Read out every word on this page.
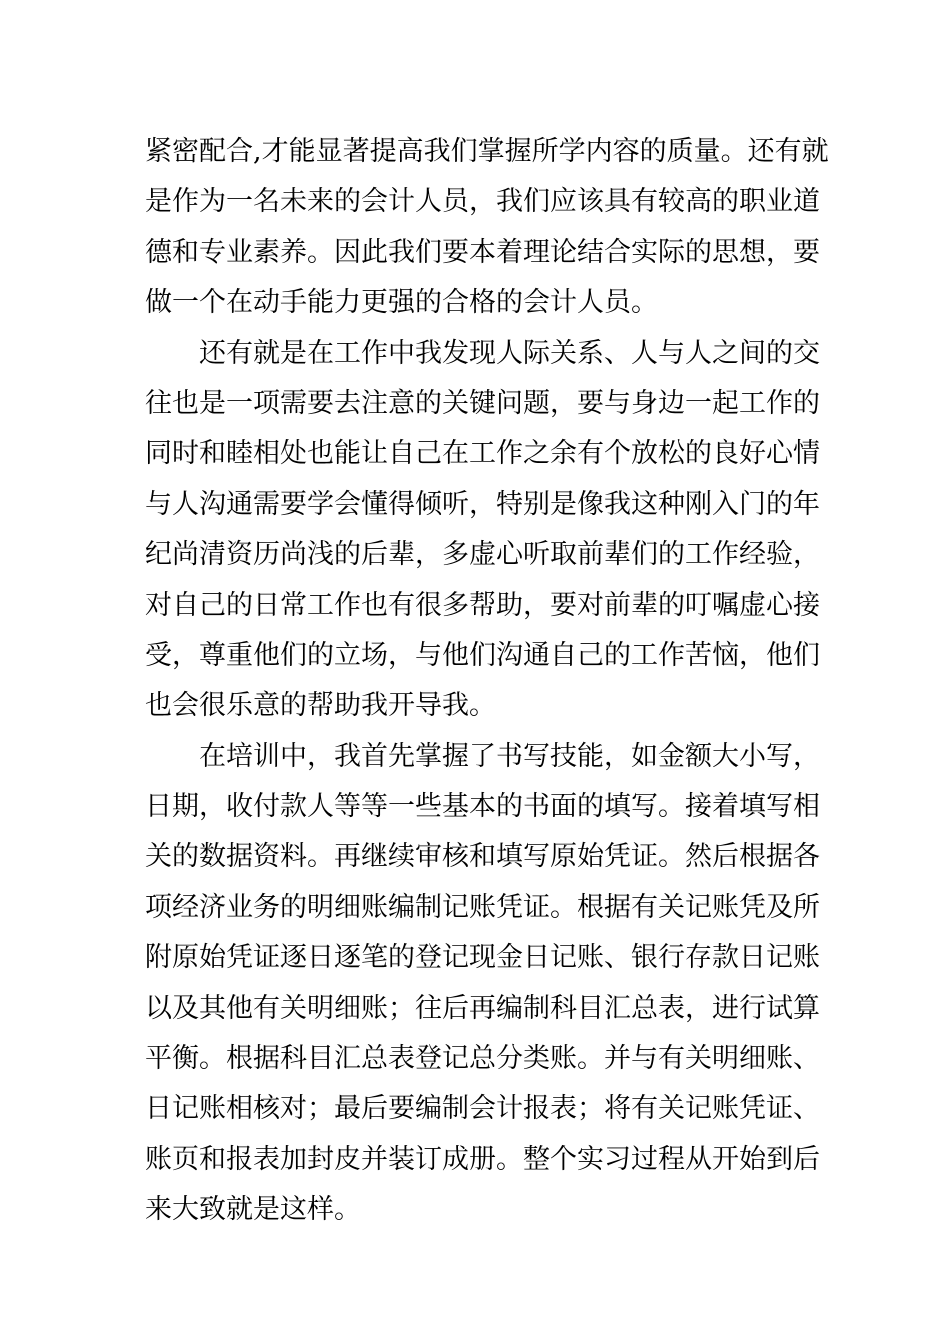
紧密配合,才能显著提高我们掌握所学内容的质量。还有就
是作为一名未来的会计人员，我们应该具有较高的职业道
德和专业素养。因此我们要本着理论结合实际的思想，要
做一个在动手能力更强的合格的会计人员。
还有就是在工作中我发现人际关系、人与人之间的交
往也是一项需要去注意的关键问题，要与身边一起工作的
同时和睦相处也能让自己在工作之余有个放松的良好心情
与人沟通需要学会懂得倾听，特别是像我这种刚入门的年
纪尚清资历尚浅的后辈，多虚心听取前辈们的工作经验，
对自己的日常工作也有很多帮助，要对前辈的叮嘱虚心接
受，尊重他们的立场，与他们沟通自己的工作苦恼，他们
也会很乐意的帮助我开导我。
在培训中，我首先掌握了书写技能，如金额大小写，
日期，收付款人等等一些基本的书面的填写。接着填写相
关的数据资料。再继续审核和填写原始凭证。然后根据各
项经济业务的明细账编制记账凭证。根据有关记账凭及所
附原始凭证逐日逐笔的登记现金日记账、银行存款日记账
以及其他有关明细账；往后再编制科目汇总表，进行试算
平衡。根据科目汇总表登记总分类账。并与有关明细账、
日记账相核对；最后要编制会计报表；将有关记账凭证、
账页和报表加封皮并装订成册。整个实习过程从开始到后
来大致就是这样。
